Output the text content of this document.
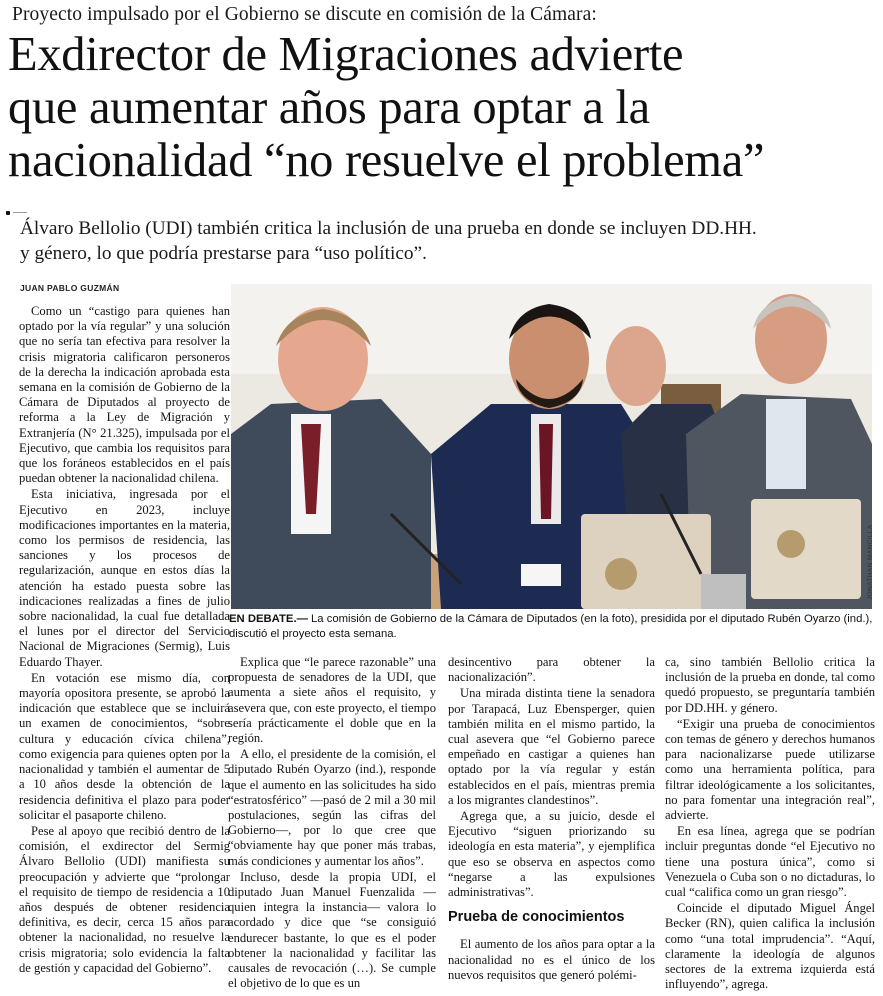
Proyecto impulsado por el Gobierno se discute en comisión de la Cámara:
Exdirector de Migraciones advierte
que aumentar años para optar a la
nacionalidad “no resuelve el problema”
Álvaro Bellolio (UDI) también critica la inclusión de una prueba en donde se incluyen DD.HH.
y género, lo que podría prestarse para “uso político”.
JUAN PABLO GUZMÁN

Como un “castigo para quienes han optado por la vía regular” y una solución que no sería tan efectiva para resolver la crisis migratoria calificaron personeros de la derecha la indicación aprobada esta semana en la comisión de Gobierno de la Cámara de Diputados al proyecto de reforma a la Ley de Migración y Extranjería (N° 21.325), impulsada por el Ejecutivo, que cambia los requisitos para que los foráneos establecidos en el país puedan obtener la nacionalidad chilena.

Esta iniciativa, ingresada por el Ejecutivo en 2023, incluye modificaciones importantes en la materia, como los permisos de residencia, las sanciones y los procesos de regularización, aunque en estos días la atención ha estado puesta sobre las indicaciones realizadas a fines de julio sobre nacionalidad, la cual fue detallada el lunes por el director del Servicio Nacional de Migraciones (Sermig), Luis Eduardo Thayer.

En votación ese mismo día, con mayoría opositora presente, se aprobó la indicación que establece que se incluirá un examen de conocimientos, “sobre cultura y educación cívica chilena”, como exigencia para quienes opten por la nacionalidad y también el aumentar de 5 a 10 años desde la obtención de la residencia definitiva el plazo para poder solicitar el pasaporte chileno.

Pese al apoyo que recibió dentro de la comisión, el exdirector del Sermig Álvaro Bellolio (UDI) manifiesta su preocupación y advierte que “prolongar el requisito de tiempo de residencia a 10 años después de obtener residencia definitiva, es decir, cerca 15 años para obtener la nacionalidad, no resuelve la crisis migratoria; solo evidencia la falta de gestión y capacidad del Gobierno”.

JONATHAN MANCILLA
EN DEBATE.— La comisión de Gobierno de la Cámara de Diputados (en la foto), presidida por el diputado Rubén Oyarzo (ind.), discutió el proyecto esta semana.

Explica que “le parece razonable” una propuesta de senadores de la UDI, que aumenta a siete años el requisito, y asevera que, con este proyecto, el tiempo sería prácticamente el doble que en la región.

A ello, el presidente de la comisión, el diputado Rubén Oyarzo (ind.), responde que el aumento en las solicitudes ha sido “estratosférico” —pasó de 2 mil a 30 mil postulaciones, según las cifras del Gobierno—, por lo que cree que “obviamente hay que poner más trabas, más condiciones y aumentar los años”.

Incluso, desde la propia UDI, el diputado Juan Manuel Fuenzalida —quien integra la instancia— valora lo acordado y dice que “se consiguió endurecer bastante, lo que es el poder obtener la nacionalidad y facilitar las causales de revocación (…). Se cumple el objetivo de lo que es un

desincentivo para obtener la nacionalización”.

Una mirada distinta tiene la senadora por Tarapacá, Luz Ebensperger, quien también milita en el mismo partido, la cual asevera que “el Gobierno parece empeñado en castigar a quienes han optado por la vía regular y están establecidos en el país, mientras premia a los migrantes clandestinos”.

Agrega que, a su juicio, desde el Ejecutivo “siguen priorizando su ideología en esta materia”, y ejemplifica que eso se observa en aspectos como “negarse a las expulsiones administrativas”.

Prueba de conocimientos

El aumento de los años para optar a la nacionalidad no es el único de los nuevos requisitos que generó polémi-

ca, sino también Bellolio critica la inclusión de la prueba en donde, tal como quedó propuesto, se preguntaría también por DD.HH. y género.

“Exigir una prueba de conocimientos con temas de género y derechos humanos para nacionalizarse puede utilizarse como una herramienta política, para filtrar ideológicamente a los solicitantes, no para fomentar una integración real”, advierte.

En esa línea, agrega que se podrían incluir preguntas donde “el Ejecutivo no tiene una postura única”, como si Venezuela o Cuba son o no dictaduras, lo cual “califica como un gran riesgo”.

Coincide el diputado Miguel Ángel Becker (RN), quien califica la inclusión como “una total imprudencia”. “Aquí, claramente la ideología de algunos sectores de la extrema izquierda está influyendo”, agrega.
